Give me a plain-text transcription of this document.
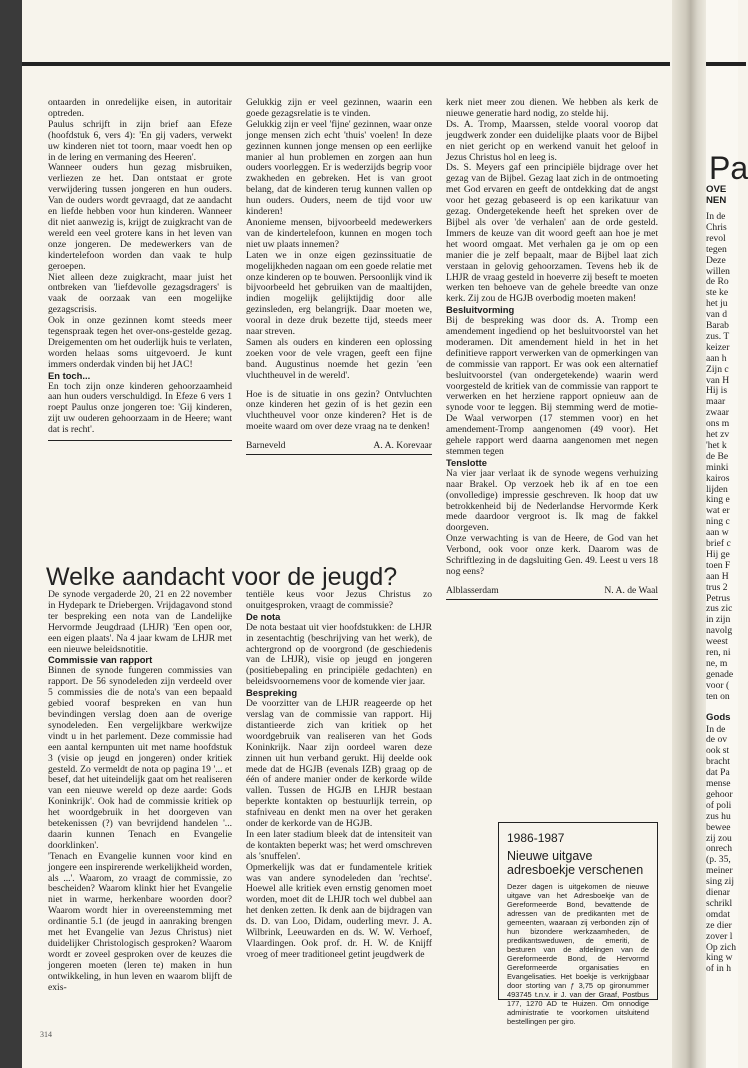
ontaarden in onredelijke eisen, in autoritair optreden.

Paulus schrijft in zijn brief aan Efeze (hoofdstuk 6, vers 4): 'En gij vaders, verwekt uw kinderen niet tot toorn, maar voedt hen op in de lering en vermaning des Heeren'.

Wanneer ouders hun gezag misbruiken, verliezen ze het. Dan ontstaat er grote verwijdering tussen jongeren en hun ouders. Van de ouders wordt gevraagd, dat ze aandacht en liefde hebben voor hun kinderen. Wanneer dit niet aanwezig is, krijgt de zuigkracht van de wereld een veel grotere kans in het leven van onze jongeren. De medewerkers van de kindertelefoon worden dan vaak te hulp geroepen.

Niet alleen deze zuigkracht, maar juist het ontbreken van 'liefdevolle gezagsdragers' is vaak de oorzaak van een mogelijke gezagscrisis.

Ook in onze gezinnen komt steeds meer tegenspraak tegen het over-ons-gestelde gezag. Dreigementen om het ouderlijk huis te verlaten, worden helaas soms uitgevoerd. Je kunt immers onderdak vinden bij het JAC!

En toch...

En toch zijn onze kinderen gehoorzaamheid aan hun ouders verschuldigd. In Efeze 6 vers 1 roept Paulus onze jongeren toe: 'Gij kinderen, zijt uw ouderen gehoorzaam in de Heere; want dat is recht'.

Gelukkig zijn er veel gezinnen, waarin een goede gezagsrelatie is te vinden.

Gelukkig zijn er veel 'fijne' gezinnen, waar onze jonge mensen zich echt 'thuis' voelen! In deze gezinnen kunnen jonge mensen op een eerlijke manier al hun problemen en zorgen aan hun ouders voorleggen. Er is wederzijds begrip voor zwakheden en gebreken. Het is van groot belang, dat de kinderen terug kunnen vallen op hun ouders. Ouders, neem de tijd voor uw kinderen!

Anonieme mensen, bijvoorbeeld medewerkers van de kindertelefoon, kunnen en mogen toch niet uw plaats innemen?

Laten we in onze eigen gezinssituatie de mogelijkheden nagaan om een goede relatie met onze kinderen op te bouwen. Persoonlijk vind ik bijvoorbeeld het gebruiken van de maaltijden, indien mogelijk gelijktijdig door alle gezinsleden, erg belangrijk. Daar moeten we, vooral in deze druk bezette tijd, steeds meer naar streven.

Samen als ouders en kinderen een oplossing zoeken voor de vele vragen, geeft een fijne band. Augustinus noemde het gezin 'een vluchtheuvel in de wereld'.

Hoe is de situatie in ons gezin? Ontvluchten onze kinderen het gezin of is het gezin een vluchtheuvel voor onze kinderen? Het is de moeite waard om over deze vraag na te denken!

Barneveld	A. A. Korevaar
Welke aandacht voor de jeugd?

De synode vergaderde 20, 21 en 22 november in Hydepark te Driebergen. Vrijdagavond stond ter bespreking een nota van de Landelijke Hervormde Jeugdraad (LHJR) 'Een open oor, een eigen plaats'. Na 4 jaar kwam de LHJR met een nieuwe beleidsnotitie.

Commissie van rapport

Binnen de synode fungeren commissies van rapport. De 56 synodeleden zijn verdeeld over 5 commissies die de nota's van een bepaald gebied vooraf bespreken en van hun bevindingen verslag doen aan de overige synodeleden. Een vergelijkbare werkwijze vindt u in het parlement. Deze commissie had een aantal kernpunten uit met name hoofdstuk 3 (visie op jeugd en jongeren) onder kritiek gesteld. Zo vermeldt de nota op pagina 19 '... et besef, dat het uiteindelijk gaat om het realiseren van een nieuwe wereld op deze aarde: Gods Koninkrijk'. Ook had de commissie kritiek op het woordgebruik in het doorgeven van betekenissen (?) van bevrijdend handelen '... daarin kunnen Tenach en Evangelie doorklinken'.

'Tenach en Evangelie kunnen voor kind en jongere een inspirerende werkelijkheid worden, als ...'. Waarom, zo vraagt de commissie, zo bescheiden? Waarom klinkt hier het Evangelie niet in warme, herkenbare woorden door? Waarom wordt hier in overeenstemming met ordinantie 5.1 (de jeugd in aanraking brengen met het Evangelie van Jezus Christus) niet duidelijker Christologisch gesproken? Waarom wordt er zoveel gesproken over de keuzes die jongeren moeten (leren te) maken in hun ontwikkeling, in hun leven en waarom blijft de exis-

tentiële keus voor Jezus Christus zo onuitgesproken, vraagt de commissie?

De nota

De nota bestaat uit vier hoofdstukken: de LHJR in zesentachtig (beschrijving van het werk), de achtergrond op de voorgrond (de geschiedenis van de LHJR), visie op jeugd en jongeren (positiebepaling en principiële gedachten) en beleidsvoornemens voor de komende vier jaar.

Bespreking

De voorzitter van de LHJR reageerde op het verslag van de commissie van rapport. Hij distantieerde zich van kritiek op het woordgebruik van realiseren van het Gods Koninkrijk. Naar zijn oordeel waren deze zinnen uit hun verband gerukt. Hij deelde ook mede dat de HGJB (evenals IZB) graag op de één of andere manier onder de kerkorde wilde vallen. Tussen de HGJB en LHJR bestaan beperkte kontakten op bestuurlijk terrein, op stafniveau en denkt men na over het geraken onder de kerkorde van de HGJB.

In een later stadium bleek dat de intensiteit van de kontakten beperkt was; het werd omschreven als 'snuffelen'.

Opmerkelijk was dat er fundamentele kritiek was van andere synodeleden dan 'rechtse'. Hoewel alle kritiek even ernstig genomen moet worden, moet dit de LHJR toch wel dubbel aan het denken zetten. Ik denk aan de bijdragen van ds. D. van Loo, Didam, ouderling mevr. J. A. Wilbrink, Leeuwarden en ds. W. W. Verhoef, Vlaardingen. Ook prof. dr. H. W. de Knijff vroeg of meer traditioneel getint jeugdwerk de

kerk niet meer zou dienen. We hebben als kerk de nieuwe generatie hard nodig, zo stelde hij.

Ds. A. Tromp, Maarssen, stelde vooral voorop dat jeugdwerk zonder een duidelijke plaats voor de Bijbel en niet gericht op en werkend vanuit het geloof in Jezus Christus hol en leeg is.

Ds. S. Meyers gaf een principiële bijdrage over het gezag van de Bijbel. Gezag laat zich in de ontmoeting met God ervaren en geeft de ontdekking dat de angst voor het gezag gebaseerd is op een karikatuur van gezag. Ondergetekende heeft het spreken over de Bijbel als over 'de verhalen' aan de orde gesteld. Immers de keuze van dit woord geeft aan hoe je met het woord omgaat. Met verhalen ga je om op een manier die je zelf bepaalt, maar de Bijbel laat zich verstaan in gelovig gehoorzamen. Tevens heb ik de LHJR de vraag gesteld in hoeverre zij beseft te moeten werken ten behoeve van de gehele breedte van onze kerk. Zij zou de HGJB overbodig moeten maken!

Besluitvorming

Bij de bespreking was door ds. A. Tromp een amendement ingediend op het besluitvoorstel van het moderamen. Dit amendement hield in het in het definitieve rapport verwerken van de opmerkingen van de commissie van rapport. Er was ook een alternatief besluitvoorstel (van ondergetekende) waarin werd voorgesteld de kritiek van de commissie van rapport te verwerken en het herziene rapport opnieuw aan de synode voor te leggen. Bij stemming werd de motie-De Waal verworpen (17 stemmen voor) en het amendement-Tromp aangenomen (49 voor). Het gehele rapport werd daarna aangenomen met negen stemmen tegen

Tenslotte

Na vier jaar verlaat ik de synode wegens verhuizing naar Brakel. Op verzoek heb ik af en toe een (onvolledige) impressie geschreven. Ik hoop dat uw betrokkenheid bij de Nederlandse Hervormde Kerk mede daardoor vergroot is. Ik mag de fakkel doorgeven.

Onze verwachting is van de Heere, de God van het Verbond, ook voor onze kerk. Daarom was de Schriftlezing in de dagsluiting Gen. 49. Leest u vers 18 nog eens?

Alblasserdam	N. A. de Waal
1986-1987
Nieuwe uitgave adresboekje verschenen
Dezer dagen is uitgekomen de nieuwe uitgave van het Adresboekje van de Gereformeerde Bond, bevattende de adressen van de predikanten met de gemeenten, waaraan zij verbonden zijn of hun bizondere werkzaamheden, de predikantsweduwen, de emeriti, de besturen van de afdelingen van de Gereformeerde Bond, de Hervormd Gereformeerde organisaties en Evangelisaties. Het boekje is verkrijgbaar door storting van ƒ 3,75 op gironummer 493745 t.n.v. ir J. van der Graaf, Postbus 177, 1270 AD te Huizen. Om onnodige administratie te voorkomen uitsluitend bestellingen per giro.
314
Pa
OVE
NEN
In de
Chris
revol
tegen
Deze
willen
de Ro
ste ke
het ju
van d
Barab
zus. T
keizer
aan h
Zijn c
van H
Hij is
maar
zwaar
ons m
het zv
'het k
de Be
minki
kairos
lijden
king e
wat er
ning c
aan w
brief c
Hij ge
toen F
aan H
trus 2
Petrus
zus zic
in zijn
navolg
weest
ren, ni
ne, m
genade
voor (
ten on
Gods
In de
de ov
ook st
bracht
dat Pa
mense
gehoor
of poli
zus hu
bewee
zij zou
onrech
(p. 35,
meiner
sing zij
dienar
schrikl
omdat
ze dier
zover l
Op zich
king w
of in h
